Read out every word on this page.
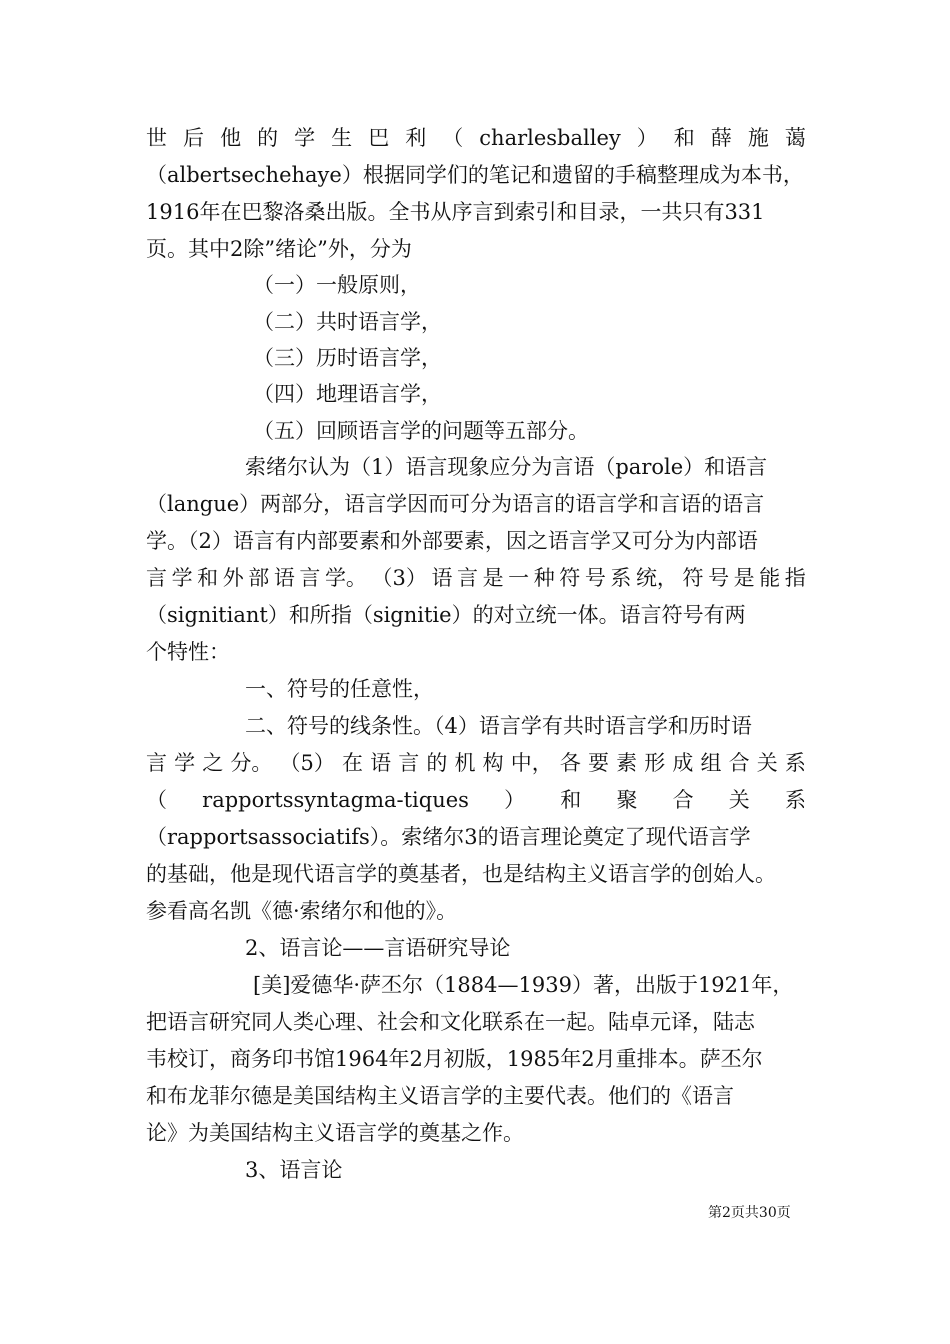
世 后 他 的 学 生 巴 利 （ charlesballey ） 和 薛 施 蔼
（albertsechehaye）根据同学们的笔记和遗留的手稿整理成为本书，
1916年在巴黎洛桑出版。全书从序言到索引和目录，一共只有331
页。其中2除”绪论”外，分为
（一）一般原则，
（二）共时语言学，
（三）历时语言学，
（四）地理语言学，
（五）回顾语言学的问题等五部分。
索绪尔认为（1）语言现象应分为言语（parole）和语言
（langue）两部分，语言学因而可分为语言的语言学和言语的语言
学。（2）语言有内部要素和外部要素，因之语言学又可分为内部语
言 学 和 外 部 语 言 学。 （3） 语 言 是 一 种 符 号 系 统， 符 号 是 能 指
（signitiant）和所指（signitie）的对立统一体。语言符号有两
个特性：
一、符号的任意性，
二、符号的线条性。（4）语言学有共时语言学和历时语
言 学 之 分。 （5） 在 语 言 的 机 构 中， 各 要 素 形 成 组 合 关 系
（ rapportssyntagma-tiques ） 和 聚 合 关 系
（rapportsassociatifs）。索绪尔3的语言理论奠定了现代语言学
的基础，他是现代语言学的奠基者，也是结构主义语言学的创始人。
参看高名凯《德·索绪尔和他的》。
2、语言论——言语研究导论
[美]爱德华·萨丕尔（1884—1939）著，出版于1921年，
把语言研究同人类心理、社会和文化联系在一起。陆卓元译，陆志
韦校订，商务印书馆1964年2月初版，1985年2月重排本。萨丕尔
和布龙菲尔德是美国结构主义语言学的主要代表。他们的《语言
论》为美国结构主义语言学的奠基之作。
3、语言论
第2页共30页
